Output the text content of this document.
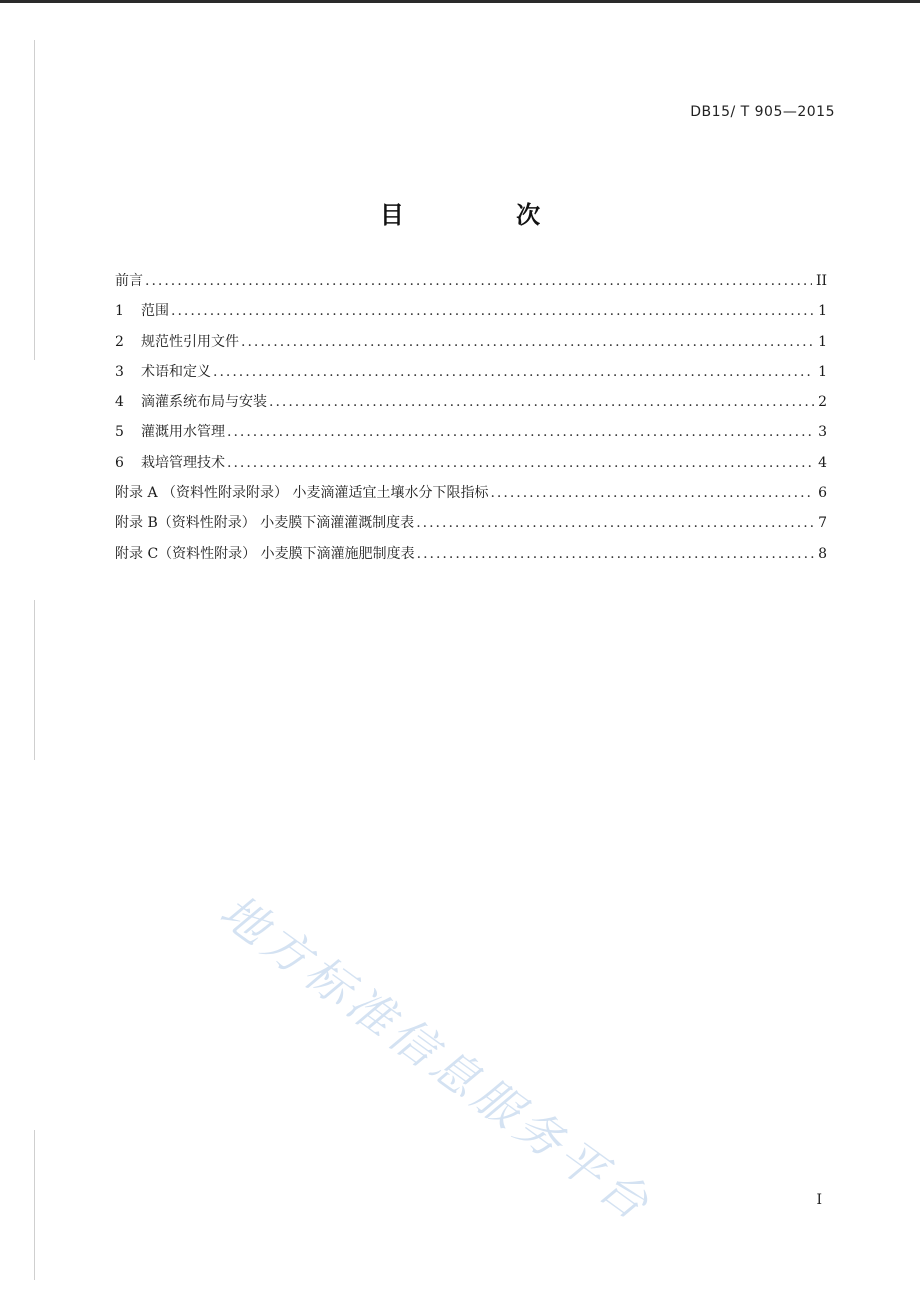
DB15/ T 905—2015
目 次
前言 .....	II
1	范围 .....	1
2	规范性引用文件 .....	1
3	术语和定义 .....	1
4	滴灌系统布局与安装 .....	2
5	灌溉用水管理 .....	3
6	栽培管理技术 .....	4
附录 A （资料性附录附录） 小麦滴灌适宜土壤水分下限指标 .....	6
附录 B（资料性附录） 小麦膜下滴灌灌溉制度表 .....	7
附录 C（资料性附录） 小麦膜下滴灌施肥制度表 .....	8
地方标准信息服务平台	I
